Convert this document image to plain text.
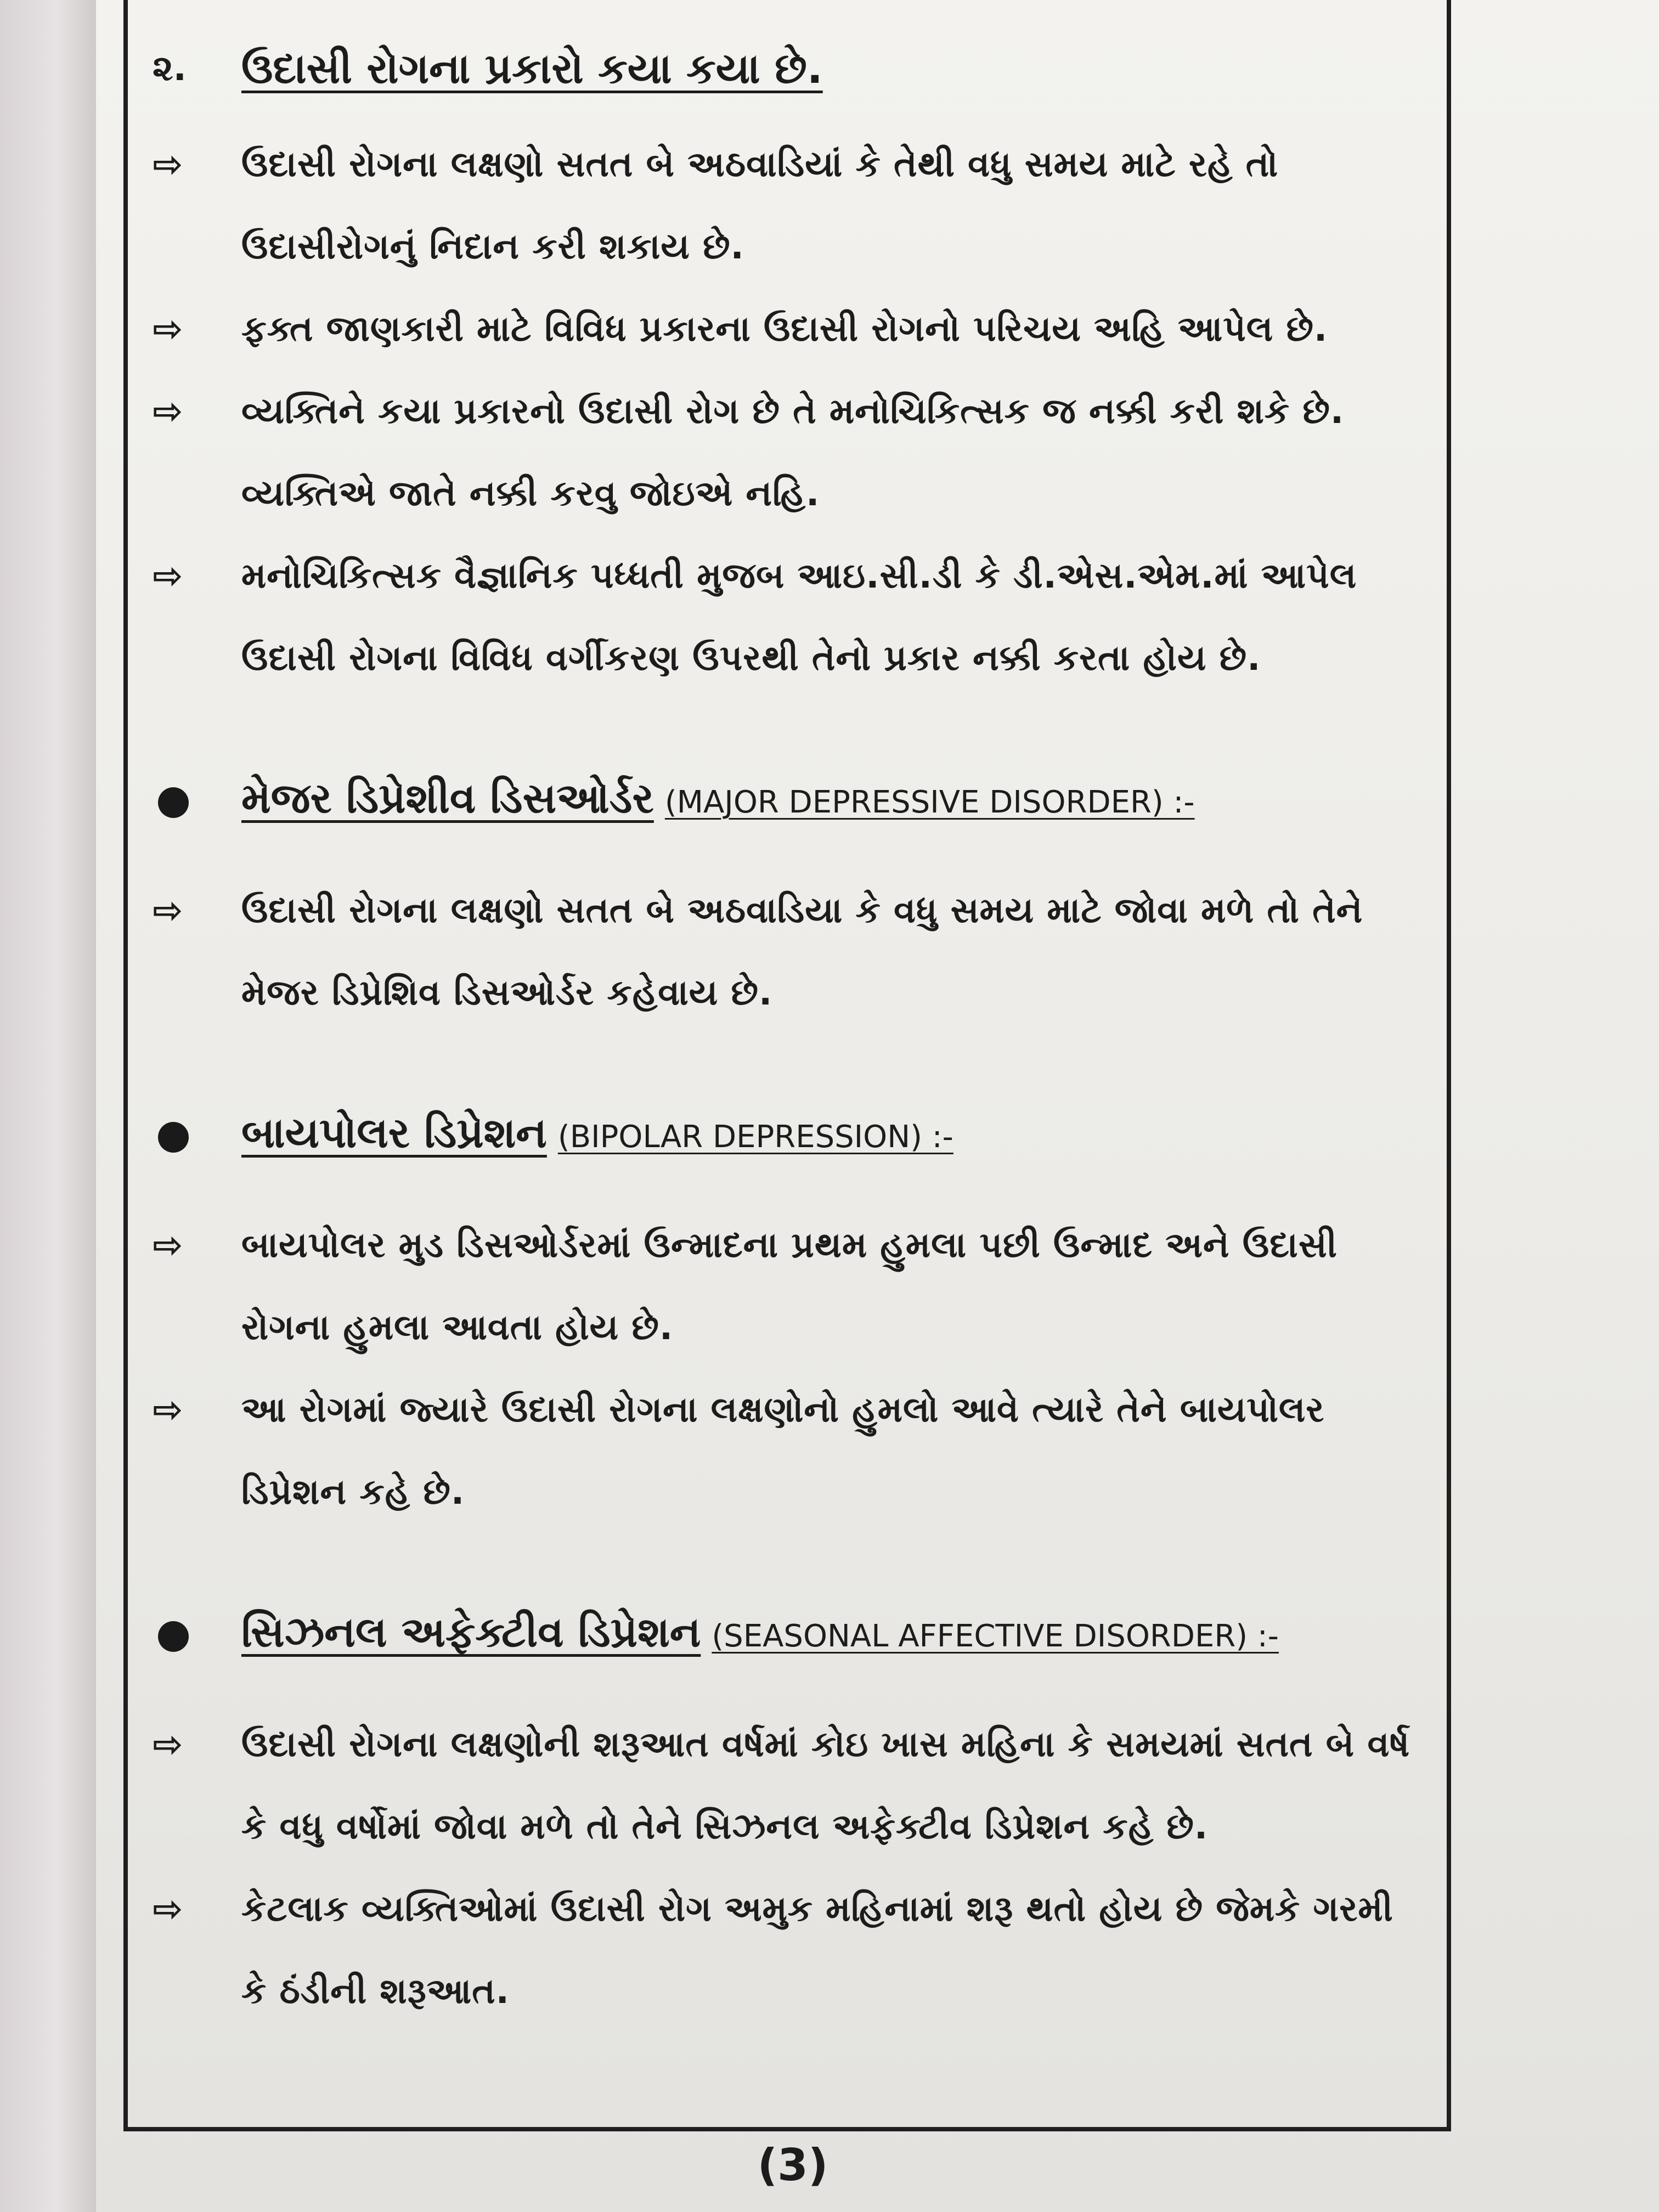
૨.	ઉદાસી રોગના પ્રકારો કયા કયા છે.
⇨	ઉદાસી રોગના લક્ષણો સતત બે અઠવાડિયાં કે તેથી વધુ સમય માટે રહે તો ઉદાસીરોગનું નિદાન કરી શકાય છે.
⇨	ફક્ત જાણકારી માટે વિવિધ પ્રકારના ઉદાસી રોગનો પરિચય અહિ આપેલ છે.
⇨	વ્યક્તિને કયા પ્રકારનો ઉદાસી રોગ છે તે મનોચિકિત્સક જ નક્કી કરી શકે છે. વ્યક્તિએ જાતે નક્કી કરવુ જોઇએ નહિ.
⇨	મનોચિકિત્સક વૈજ્ઞાનિક પધ્ધતી મુજબ આઇ.સી.ડી કે ડી.એસ.એમ.માં આપેલ ઉદાસી રોગના વિવિધ વર્ગીકરણ ઉપરથી તેનો પ્રકાર નક્કી કરતા હોય છે.
મેજર ડિપ્રેશીવ ડિસઓર્ડર (MAJOR DEPRESSIVE DISORDER) :-
⇨	ઉદાસી રોગના લક્ષણો સતત બે અઠવાડિયા કે વધુ સમય માટે જોવા મળે તો તેને મેજર ડિપ્રેશિવ ડિસઓર્ડર કહેવાય છે.
બાયપોલર ડિપ્રેશન (BIPOLAR DEPRESSION) :-
⇨	બાયપોલર મુડ ડિસઓર્ડરમાં ઉન્માદના પ્રથમ હુમલા પછી ઉન્માદ અને ઉદાસી રોગના હુમલા આવતા હોય છે.
⇨	આ રોગમાં જ્યારે ઉદાસી રોગના લક્ષણોનો હુમલો આવે ત્યારે તેને બાયપોલર ડિપ્રેશન કહે છે.
સિઝનલ અફેક્ટીવ ડિપ્રેશન (SEASONAL AFFECTIVE DISORDER) :-
⇨	ઉદાસી રોગના લક્ષણોની શરૂઆત વર્ષમાં કોઇ ખાસ મહિના કે સમયમાં સતત બે વર્ષ કે વધુ વર્ષોમાં જોવા મળે તો તેને સિઝનલ અફેક્ટીવ ડિપ્રેશન કહે છે.
⇨	કેટલાક વ્યક્તિઓમાં ઉદાસી રોગ અમુક મહિનામાં શરૂ થતો હોય છે જેમકે ગરમી કે ઠંડીની શરૂઆત.
(3)
